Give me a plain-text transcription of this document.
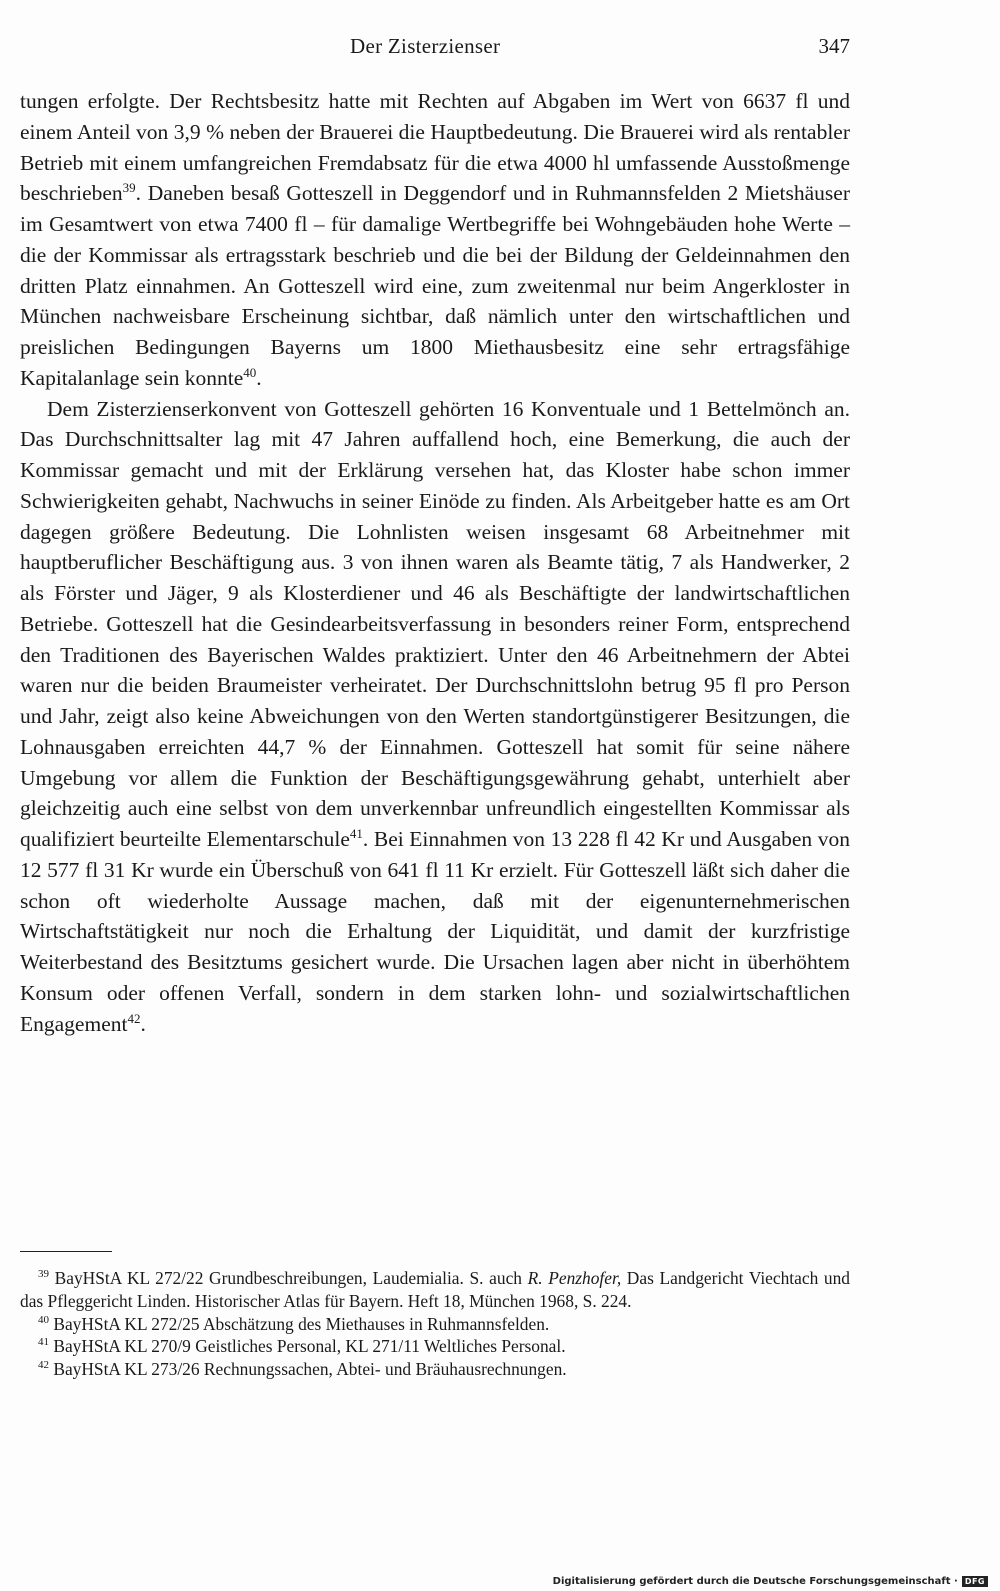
Der Zisterzienser	347

tungen erfolgte. Der Rechtsbesitz hatte mit Rechten auf Abgaben im Wert von 6637 fl und einem Anteil von 3,9 % neben der Brauerei die Hauptbedeutung. Die Brauerei wird als rentabler Betrieb mit einem umfangreichen Fremdabsatz für die etwa 4000 hl umfassende Ausstoßmenge beschrieben$^{39}$. Daneben besaß Gotteszell in Deggendorf und in Ruhmannsfelden 2 Mietshäuser im Gesamtwert von etwa 7400 fl – für damalige Wertbegriffe bei Wohngebäuden hohe Werte – die der Kommissar als ertragsstark beschrieb und die bei der Bildung der Geldeinnahmen den dritten Platz einnahmen. An Gotteszell wird eine, zum zweitenmal nur beim Angerkloster in München nachweisbare Erscheinung sichtbar, daß nämlich unter den wirtschaftlichen und preislichen Bedingungen Bayerns um 1800 Miethausbesitz eine sehr ertragsfähige Kapitalanlage sein konnte$^{40}$.

Dem Zisterzienserkonvent von Gotteszell gehörten 16 Konventuale und 1 Bettelmönch an. Das Durchschnittsalter lag mit 47 Jahren auffallend hoch, eine Bemerkung, die auch der Kommissar gemacht und mit der Erklärung versehen hat, das Kloster habe schon immer Schwierigkeiten gehabt, Nachwuchs in seiner Einöde zu finden. Als Arbeitgeber hatte es am Ort dagegen größere Bedeutung. Die Lohnlisten weisen insgesamt 68 Arbeitnehmer mit hauptberuflicher Beschäftigung aus. 3 von ihnen waren als Beamte tätig, 7 als Handwerker, 2 als Förster und Jäger, 9 als Klosterdiener und 46 als Beschäftigte der landwirtschaftlichen Betriebe. Gotteszell hat die Gesindearbeitsverfassung in besonders reiner Form, entsprechend den Traditionen des Bayerischen Waldes praktiziert. Unter den 46 Arbeitnehmern der Abtei waren nur die beiden Braumeister verheiratet. Der Durchschnittslohn betrug 95 fl pro Person und Jahr, zeigt also keine Abweichungen von den Werten standortgünstigerer Besitzungen, die Lohnausgaben erreichten 44,7 % der Einnahmen. Gotteszell hat somit für seine nähere Umgebung vor allem die Funktion der Beschäftigungsgewährung gehabt, unterhielt aber gleichzeitig auch eine selbst von dem unverkennbar unfreundlich eingestellten Kommissar als qualifiziert beurteilte Elementarschule$^{41}$. Bei Einnahmen von 13 228 fl 42 Kr und Ausgaben von 12 577 fl 31 Kr wurde ein Überschuß von 641 fl 11 Kr erzielt. Für Gotteszell läßt sich daher die schon oft wiederholte Aussage machen, daß mit der eigenunternehmerischen Wirtschaftstätigkeit nur noch die Erhaltung der Liquidität, und damit der kurzfristige Weiterbestand des Besitztums gesichert wurde. Die Ursachen lagen aber nicht in überhöhtem Konsum oder offenen Verfall, sondern in dem starken lohn- und sozialwirtschaftlichen Engagement$^{42}$.

$^{39}$ BayHStA KL 272/22 Grundbeschreibungen, Laudemialia. S. auch R. Penzhofer, Das Landgericht Viechtach und das Pfleggericht Linden. Historischer Atlas für Bayern. Heft 18, München 1968, S. 224.

$^{40}$ BayHStA KL 272/25 Abschätzung des Miethauses in Ruhmannsfelden.

$^{41}$ BayHStA KL 270/9 Geistliches Personal, KL 271/11 Weltliches Personal.

$^{42}$ BayHStA KL 273/26 Rechnungssachen, Abtei- und Bräuhausrechnungen.

Digitalisierung gefördert durch die Deutsche Forschungsgemeinschaft · DFG
